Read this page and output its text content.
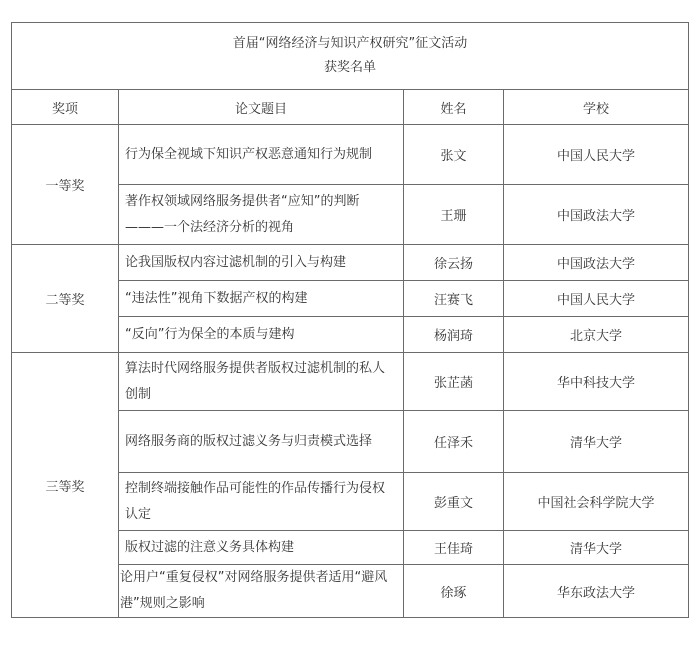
首届“网络经济与知识产权研究”征文活动
获奖名单			

奖项	论文题目	姓名	学校
一等奖	行为保全视域下知识产权恶意通知行为规制	张文	中国人民大学
	著作权领域网络服务提供者“应知”的判断———一个法经济分析的视角	王珊	中国政法大学
二等奖	论我国版权内容过滤机制的引入与构建	徐云扬	中国政法大学
	“违法性”视角下数据产权的构建	汪赛飞	中国人民大学
	“反向”行为保全的本质与建构	杨润琦	北京大学
三等奖	算法时代网络服务提供者版权过滤机制的私人创制	张芷菡	华中科技大学
	网络服务商的版权过滤义务与归责模式选择	任泽禾	清华大学
	控制终端接触作品可能性的作品传播行为侵权认定	彭重文	中国社会科学院大学
	版权过滤的注意义务具体构建	王佳琦	清华大学
	论用户“重复侵权”对网络服务提供者适用“避风港”规则之影响	徐琢	华东政法大学
